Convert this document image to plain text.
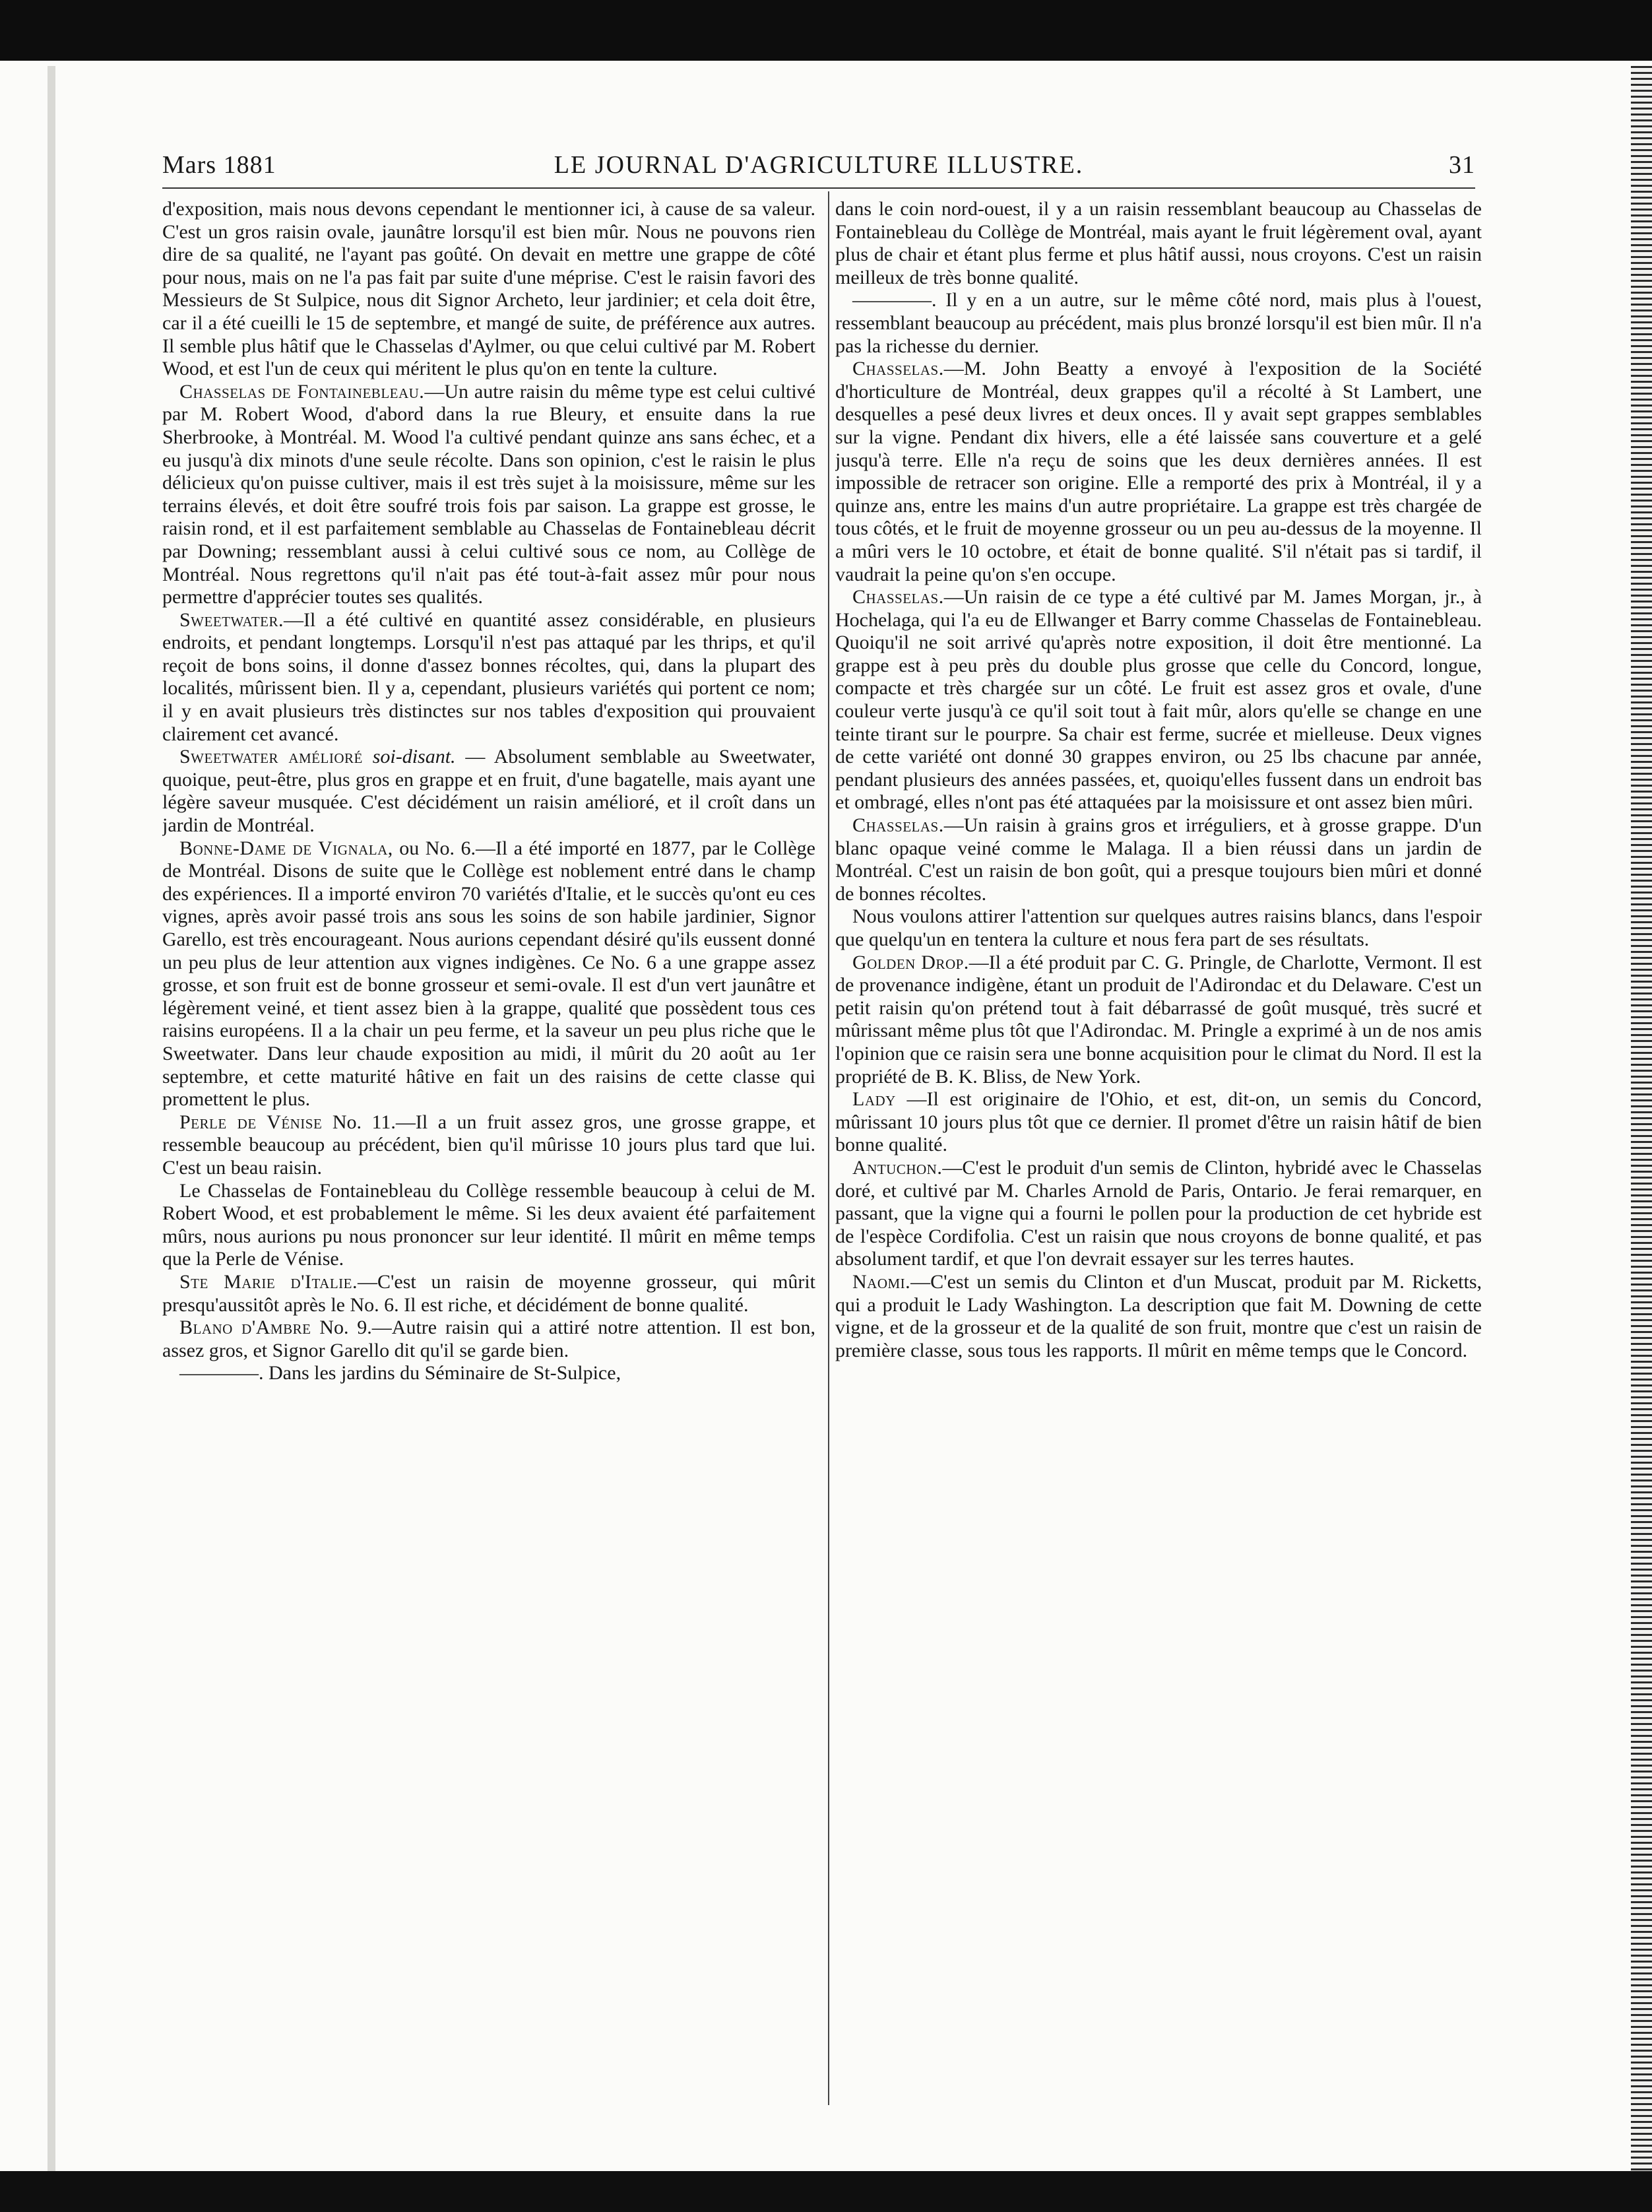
Mars 1881	LE JOURNAL D'AGRICULTURE ILLUSTRE.	31

d'exposition, mais nous devons cependant le mentionner ici, à cause de sa valeur. C'est un gros raisin ovale, jaunâtre lorsqu'il est bien mûr. Nous ne pouvons rien dire de sa qualité, ne l'ayant pas goûté. On devait en mettre une grappe de côté pour nous, mais on ne l'a pas fait par suite d'une méprise. C'est le raisin favori des Messieurs de St Sulpice, nous dit Signor Archeto, leur jardinier; et cela doit être, car il a été cueilli le 15 de septembre, et mangé de suite, de préférence aux autres. Il semble plus hâtif que le Chasselas d'Aylmer, ou que celui cultivé par M. Robert Wood, et est l'un de ceux qui méritent le plus qu'on en tente la culture.

Chasselas de Fontainebleau.—Un autre raisin du même type est celui cultivé par M. Robert Wood, d'abord dans la rue Bleury, et ensuite dans la rue Sherbrooke, à Montréal. M. Wood l'a cultivé pendant quinze ans sans échec, et a eu jusqu'à dix minots d'une seule récolte. Dans son opinion, c'est le raisin le plus délicieux qu'on puisse cultiver, mais il est très sujet à la moisissure, même sur les terrains élevés, et doit être soufré trois fois par saison. La grappe est grosse, le raisin rond, et il est parfaitement semblable au Chasselas de Fontainebleau décrit par Downing; ressemblant aussi à celui cultivé sous ce nom, au Collège de Montréal. Nous regrettons qu'il n'ait pas été tout-à-fait assez mûr pour nous permettre d'apprécier toutes ses qualités.

Sweetwater.—Il a été cultivé en quantité assez considérable, en plusieurs endroits, et pendant longtemps. Lorsqu'il n'est pas attaqué par les thrips, et qu'il reçoit de bons soins, il donne d'assez bonnes récoltes, qui, dans la plupart des localités, mûrissent bien. Il y a, cependant, plusieurs variétés qui portent ce nom; il y en avait plusieurs très distinctes sur nos tables d'exposition qui prouvaient clairement cet avancé.

Sweetwater amélioré soi-disant. — Absolument semblable au Sweetwater, quoique, peut-être, plus gros en grappe et en fruit, d'une bagatelle, mais ayant une légère saveur musquée. C'est décidément un raisin amélioré, et il croît dans un jardin de Montréal.

Bonne-Dame de Vignala, ou No. 6.—Il a été importé en 1877, par le Collège de Montréal. Disons de suite que le Collège est noblement entré dans le champ des expériences. Il a importé environ 70 variétés d'Italie, et le succès qu'ont eu ces vignes, après avoir passé trois ans sous les soins de son habile jardinier, Signor Garello, est très encourageant. Nous aurions cependant désiré qu'ils eussent donné un peu plus de leur attention aux vignes indigènes. Ce No. 6 a une grappe assez grosse, et son fruit est de bonne grosseur et semi-ovale. Il est d'un vert jaunâtre et légèrement veiné, et tient assez bien à la grappe, qualité que possèdent tous ces raisins européens. Il a la chair un peu ferme, et la saveur un peu plus riche que le Sweetwater. Dans leur chaude exposition au midi, il mûrit du 20 août au 1er septembre, et cette maturité hâtive en fait un des raisins de cette classe qui promettent le plus.

Perle de Vénise No. 11.—Il a un fruit assez gros, une grosse grappe, et ressemble beaucoup au précédent, bien qu'il mûrisse 10 jours plus tard que lui. C'est un beau raisin.

Le Chasselas de Fontainebleau du Collège ressemble beaucoup à celui de M. Robert Wood, et est probablement le même. Si les deux avaient été parfaitement mûrs, nous aurions pu nous prononcer sur leur identité. Il mûrit en même temps que la Perle de Vénise.

Ste Marie d'Italie.—C'est un raisin de moyenne grosseur, qui mûrit presqu'aussitôt après le No. 6. Il est riche, et décidément de bonne qualité.

Blano d'Ambre No. 9.—Autre raisin qui a attiré notre attention. Il est bon, assez gros, et Signor Garello dit qu'il se garde bien.

————. Dans les jardins du Séminaire de St-Sulpice,

dans le coin nord-ouest, il y a un raisin ressemblant beaucoup au Chasselas de Fontainebleau du Collège de Montréal, mais ayant le fruit légèrement oval, ayant plus de chair et étant plus ferme et plus hâtif aussi, nous croyons. C'est un raisin meilleux de très bonne qualité.

————. Il y en a un autre, sur le même côté nord, mais plus à l'ouest, ressemblant beaucoup au précédent, mais plus bronzé lorsqu'il est bien mûr. Il n'a pas la richesse du dernier.

Chasselas.—M. John Beatty a envoyé à l'exposition de la Société d'horticulture de Montréal, deux grappes qu'il a récolté à St Lambert, une desquelles a pesé deux livres et deux onces. Il y avait sept grappes semblables sur la vigne. Pendant dix hivers, elle a été laissée sans couverture et a gelé jusqu'à terre. Elle n'a reçu de soins que les deux dernières années. Il est impossible de retracer son origine. Elle a remporté des prix à Montréal, il y a quinze ans, entre les mains d'un autre propriétaire. La grappe est très chargée de tous côtés, et le fruit de moyenne grosseur ou un peu au-dessus de la moyenne. Il a mûri vers le 10 octobre, et était de bonne qualité. S'il n'était pas si tardif, il vaudrait la peine qu'on s'en occupe.

Chasselas.—Un raisin de ce type a été cultivé par M. James Morgan, jr., à Hochelaga, qui l'a eu de Ellwanger et Barry comme Chasselas de Fontainebleau. Quoiqu'il ne soit arrivé qu'après notre exposition, il doit être mentionné. La grappe est à peu près du double plus grosse que celle du Concord, longue, compacte et très chargée sur un côté. Le fruit est assez gros et ovale, d'une couleur verte jusqu'à ce qu'il soit tout à fait mûr, alors qu'elle se change en une teinte tirant sur le pourpre. Sa chair est ferme, sucrée et mielleuse. Deux vignes de cette variété ont donné 30 grappes environ, ou 25 lbs chacune par année, pendant plusieurs des années passées, et, quoiqu'elles fussent dans un endroit bas et ombragé, elles n'ont pas été attaquées par la moisissure et ont assez bien mûri.

Chasselas.—Un raisin à grains gros et irréguliers, et à grosse grappe. D'un blanc opaque veiné comme le Malaga. Il a bien réussi dans un jardin de Montréal. C'est un raisin de bon goût, qui a presque toujours bien mûri et donné de bonnes récoltes.

Nous voulons attirer l'attention sur quelques autres raisins blancs, dans l'espoir que quelqu'un en tentera la culture et nous fera part de ses résultats.

Golden Drop.—Il a été produit par C. G. Pringle, de Charlotte, Vermont. Il est de provenance indigène, étant un produit de l'Adirondac et du Delaware. C'est un petit raisin qu'on prétend tout à fait débarrassé de goût musqué, très sucré et mûrissant même plus tôt que l'Adirondac. M. Pringle a exprimé à un de nos amis l'opinion que ce raisin sera une bonne acquisition pour le climat du Nord. Il est la propriété de B. K. Bliss, de New York.

Lady —Il est originaire de l'Ohio, et est, dit-on, un semis du Concord, mûrissant 10 jours plus tôt que ce dernier. Il promet d'être un raisin hâtif de bien bonne qualité.

Antuchon.—C'est le produit d'un semis de Clinton, hybridé avec le Chasselas doré, et cultivé par M. Charles Arnold de Paris, Ontario. Je ferai remarquer, en passant, que la vigne qui a fourni le pollen pour la production de cet hybride est de l'espèce Cordifolia. C'est un raisin que nous croyons de bonne qualité, et pas absolument tardif, et que l'on devrait essayer sur les terres hautes.

Naomi.—C'est un semis du Clinton et d'un Muscat, produit par M. Ricketts, qui a produit le Lady Washington. La description que fait M. Downing de cette vigne, et de la grosseur et de la qualité de son fruit, montre que c'est un raisin de première classe, sous tous les rapports. Il mûrit en même temps que le Concord.
